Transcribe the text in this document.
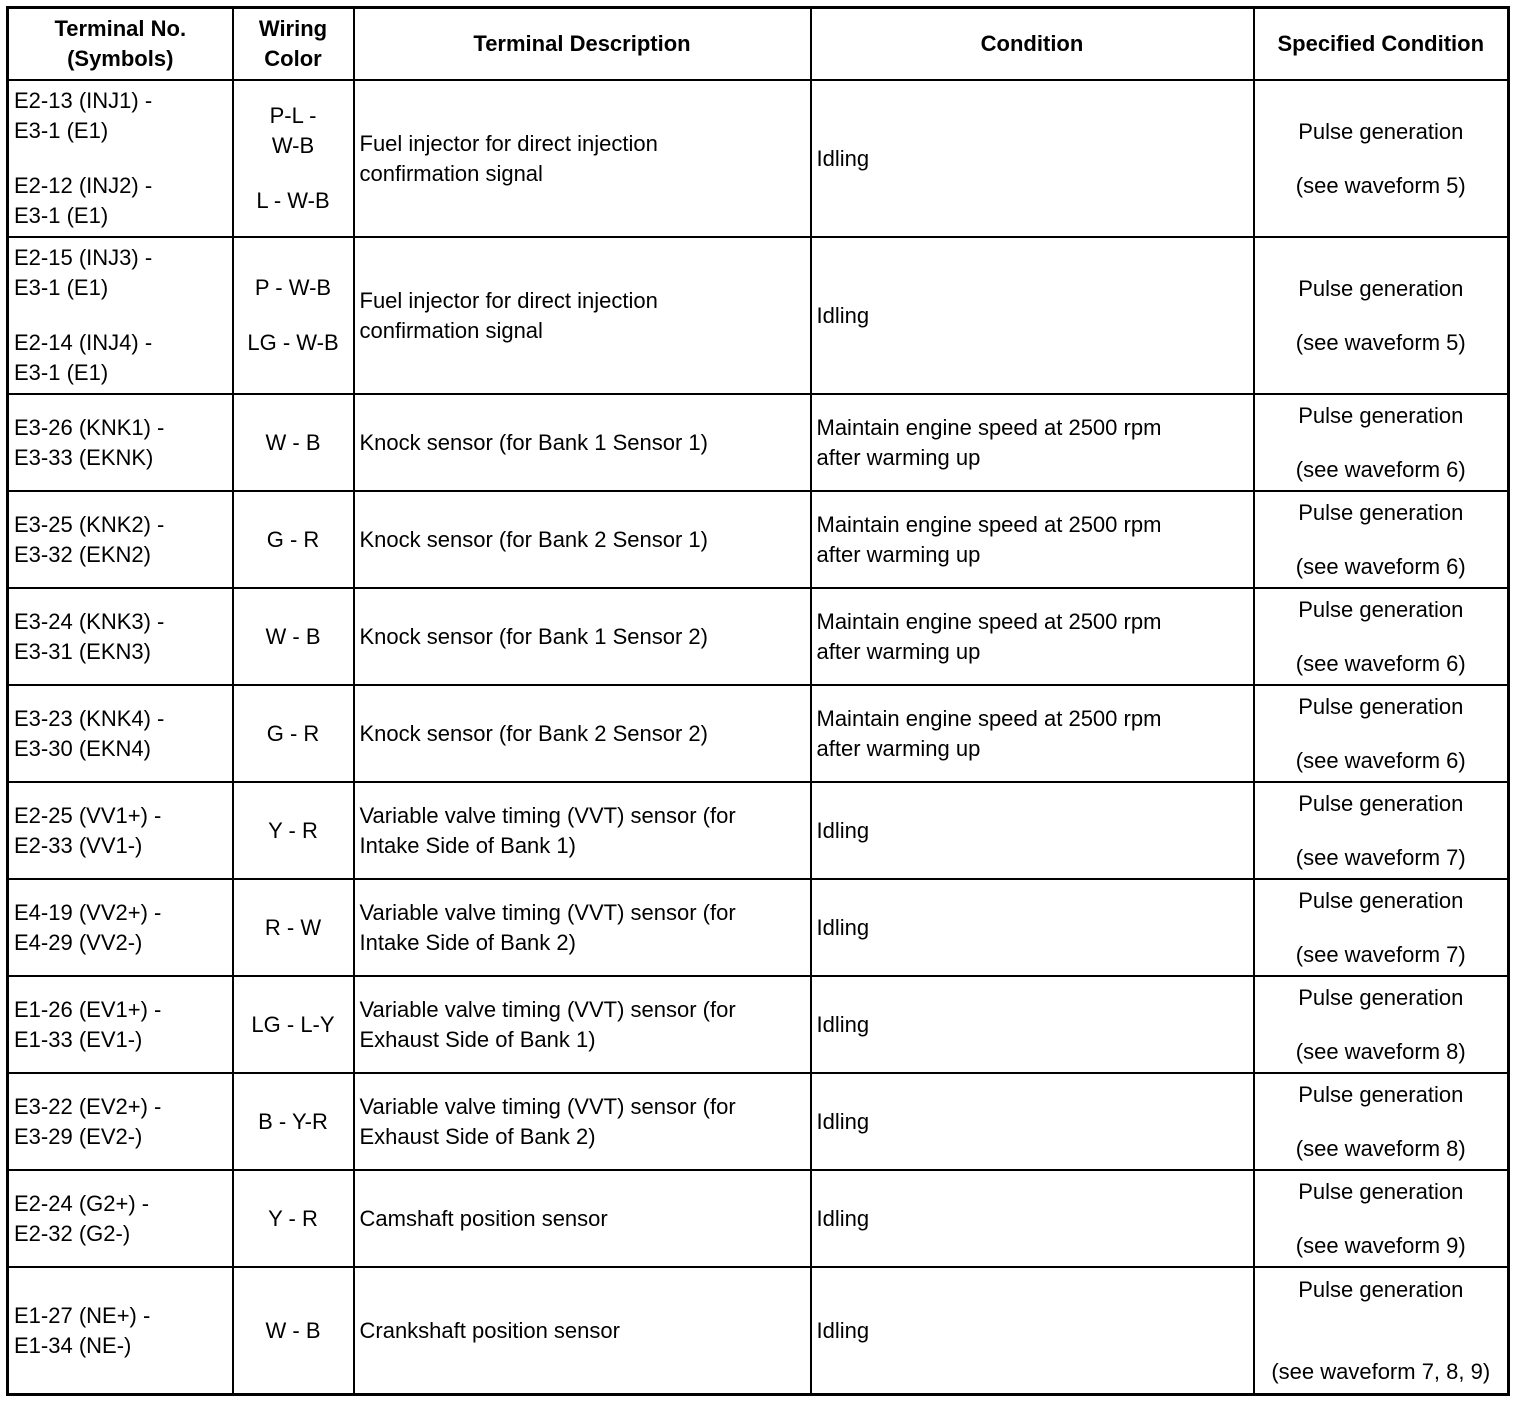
Terminal No.
(Symbols)	Wiring
Color	Terminal Description	Condition	Specified Condition

E2-13 (INJ1) -
E3-1 (E1)
E2-12 (INJ2) -
E3-1 (E1)	P-L -
W-B
L - W-B	Fuel injector for direct injection
confirmation signal	Idling	Pulse generation
(see waveform 5)

E2-15 (INJ3) -
E3-1 (E1)
E2-14 (INJ4) -
E3-1 (E1)	P - W-B
LG - W-B	Fuel injector for direct injection
confirmation signal	Idling	Pulse generation
(see waveform 5)

E3-26 (KNK1) -
E3-33 (EKNK)	W - B	Knock sensor (for Bank 1 Sensor 1)	Maintain engine speed at 2500 rpm
after warming up	Pulse generation
(see waveform 6)

E3-25 (KNK2) -
E3-32 (EKN2)	G - R	Knock sensor (for Bank 2 Sensor 1)	Maintain engine speed at 2500 rpm
after warming up	Pulse generation
(see waveform 6)

E3-24 (KNK3) -
E3-31 (EKN3)	W - B	Knock sensor (for Bank 1 Sensor 2)	Maintain engine speed at 2500 rpm
after warming up	Pulse generation
(see waveform 6)

E3-23 (KNK4) -
E3-30 (EKN4)	G - R	Knock sensor (for Bank 2 Sensor 2)	Maintain engine speed at 2500 rpm
after warming up	Pulse generation
(see waveform 6)

E2-25 (VV1+) -
E2-33 (VV1-)	Y - R	Variable valve timing (VVT) sensor (for
Intake Side of Bank 1)	Idling	Pulse generation
(see waveform 7)

E4-19 (VV2+) -
E4-29 (VV2-)	R - W	Variable valve timing (VVT) sensor (for
Intake Side of Bank 2)	Idling	Pulse generation
(see waveform 7)

E1-26 (EV1+) -
E1-33 (EV1-)	LG - L-Y	Variable valve timing (VVT) sensor (for
Exhaust Side of Bank 1)	Idling	Pulse generation
(see waveform 8)

E3-22 (EV2+) -
E3-29 (EV2-)	B - Y-R	Variable valve timing (VVT) sensor (for
Exhaust Side of Bank 2)	Idling	Pulse generation
(see waveform 8)

E2-24 (G2+) -
E2-32 (G2-)	Y - R	Camshaft position sensor	Idling	Pulse generation
(see waveform 9)

E1-27 (NE+) -
E1-34 (NE-)	W - B	Crankshaft position sensor	Idling	Pulse generation
(see waveform 7, 8, 9)
